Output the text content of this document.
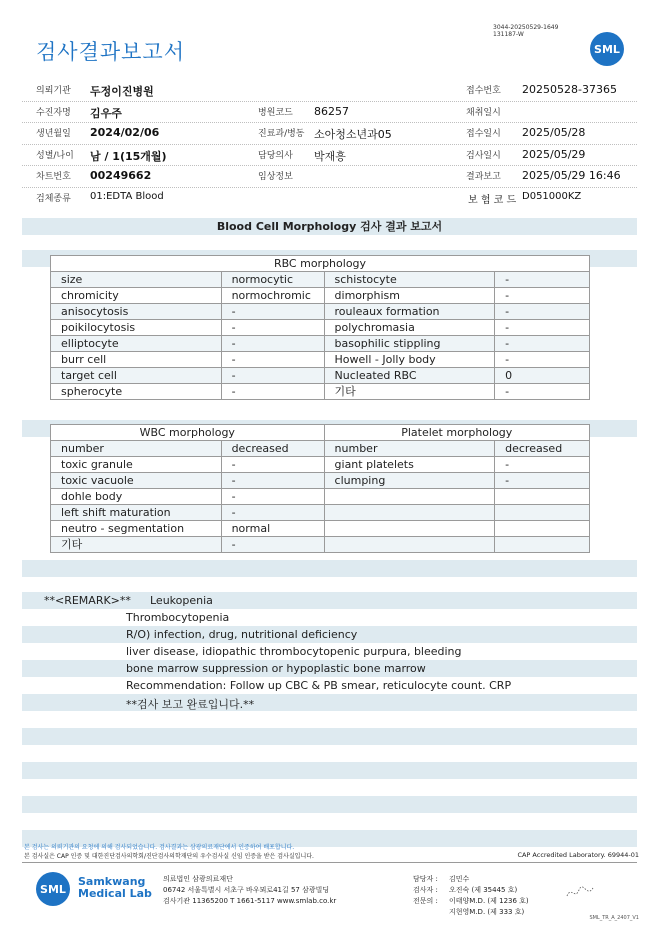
검사결과보고서
3044-20250529-1649
131187-W
SML
의뢰기관 두정이진병원	접수번호 20250528-37365
수진자명 김우주	병원코드 86257	채취일시
생년월일 2024/02/06	진료과/병동 소아청소년과05	접수일시 2025/05/28
성별/나이 남 / 1(15개월)	담당의사 박재흥	검사일시 2025/05/29
차트번호 00249662	임상정보	결과보고 2025/05/29 16:46
검체종류 01:EDTA Blood	보 험 코 드 D051000KZ
Blood Cell Morphology 검사 결과 보고서
RBC morphology			
size	normocytic	schistocyte	-
chromicity	normochromic	dimorphism	-
anisocytosis	-	rouleaux formation	-
poikilocytosis	-	polychromasia	-
elliptocyte	-	basophilic stippling	-
burr cell	-	Howell - Jolly body	-
target cell	-	Nucleated RBC	0
spherocyte	-	기타	-
WBC morphology		Platelet morphology	
number	decreased	number	decreased
toxic granule	-	giant platelets	-
toxic vacuole	-	clumping	-
dohle body	-		
left shift maturation	-		
neutro - segmentation	normal		
기타	-		
**<REMARK>** Leukopenia
Thrombocytopenia
R/O) infection, drug, nutritional deficiency
liver disease, idiopathic thrombocytopenic purpura, bleeding
bone marrow suppression or hypoplastic bone marrow
Recommendation: Follow up CBC & PB smear, reticulocyte count. CRP
**검사 보고 완료입니다.**
본 검사는 의뢰기관의 요청에 의해 검사되었습니다. 검사결과는 삼광의료재단에서 인증하여 배포합니다.
본 검사실은 CAP 인증 및 대한진단검사의학회/진단검사의학재단의 우수검사실 신임 인증을 받은 검사실입니다.	CAP Accredited Laboratory. 69944-01
SML
Samkwang
Medical Lab
의료법인 삼광의료재단
06742 서울특별시 서초구 바우뫼로41길 57 삼광빌딩
검사기관 11365200 T 1661-5117 www.smlab.co.kr
담당자 : 김민수
검사자 : 오진숙 (제 35445 호)
전문의 : 이태양M.D. (제 1236 호)
지현영M.D. (제 333 호)
SML_TR_A_2407_V1
